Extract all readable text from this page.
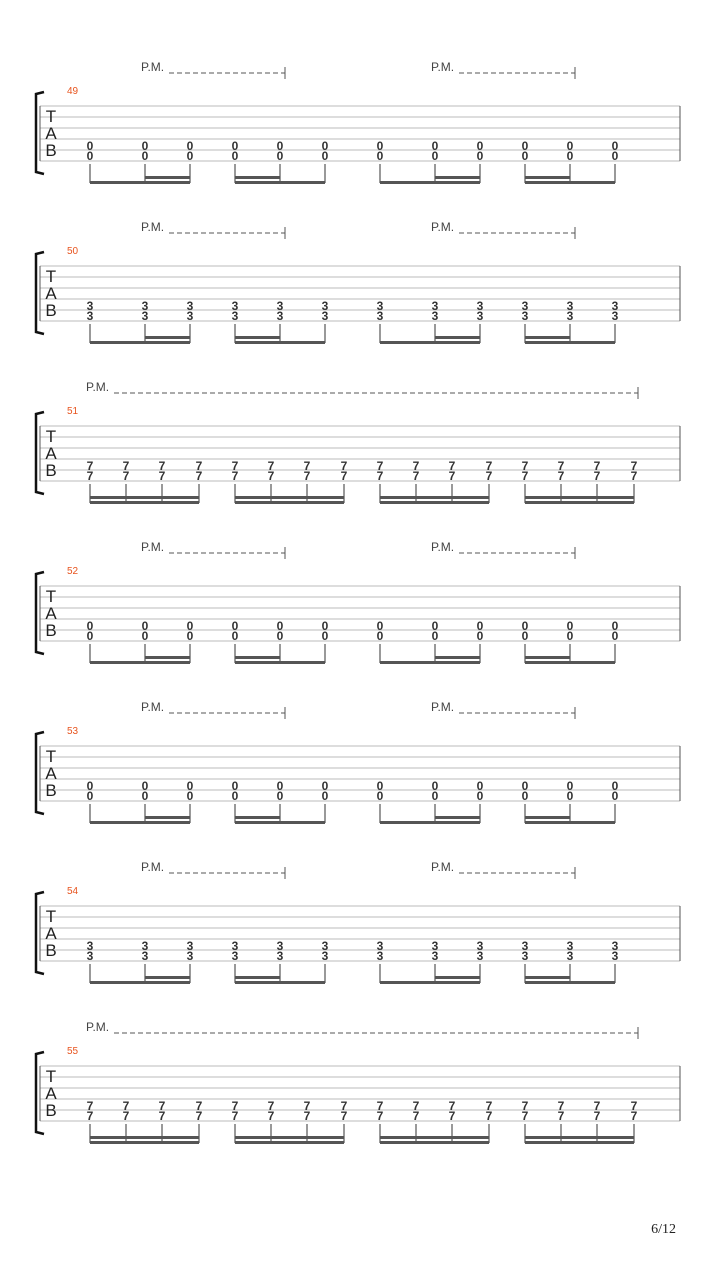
T
A
B
49
P.M.	P.M.
0
0
0
0
0
0
0
0
0
0
0
0
0
0
0
0
0
0
0
0
0
0
0
0
T
A
B
50
P.M.	P.M.
3
3
3
3
3
3
3
3
3
3
3
3
3
3
3
3
3
3
3
3
3
3
3
3
T
A
B
51
P.M.
7
7
7
7
7
7
7
7
7
7
7
7
7
7
7
7
7
7
7
7
7
7
7
7
7
7
7
7
7
7
7
7
T
A
B
52
P.M.	P.M.
0
0
0
0
0
0
0
0
0
0
0
0
0
0
0
0
0
0
0
0
0
0
0
0
T
A
B
53
P.M.	P.M.
0
0
0
0
0
0
0
0
0
0
0
0
0
0
0
0
0
0
0
0
0
0
0
0
T
A
B
54
P.M.	P.M.
3
3
3
3
3
3
3
3
3
3
3
3
3
3
3
3
3
3
3
3
3
3
3
3
T
A
B
55
P.M.
7
7
7
7
7
7
7
7
7
7
7
7
7
7
7
7
7
7
7
7
7
7
7
7
7
7
7
7
7
7
7
7
6/12
